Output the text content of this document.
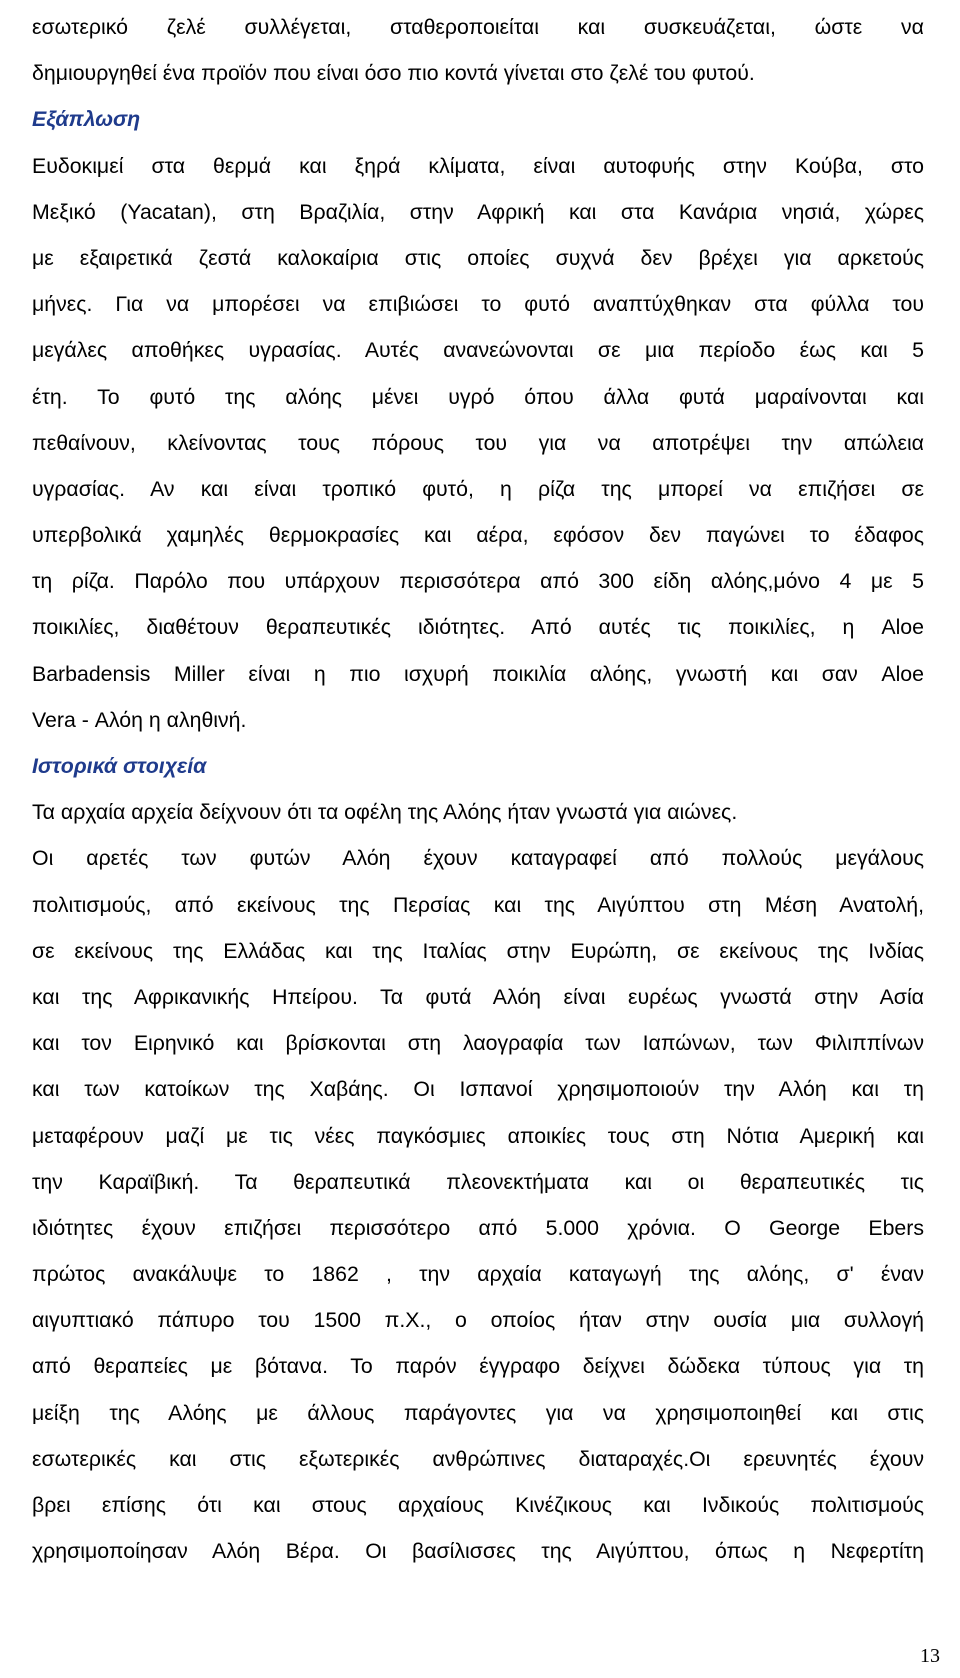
εσωτερικό ζελέ συλλέγεται, σταθεροποιείται και συσκευάζεται, ώστε να
δημιουργηθεί ένα προϊόν που είναι όσο πιο κοντά γίνεται στο ζελέ του φυτού.
Εξάπλωση
Ευδοκιμεί στα θερμά και ξηρά κλίματα, είναι αυτοφυής στην Κούβα, στο
Μεξικό (Yacatan), στη Βραζιλία, στην Αφρική και στα Κανάρια νησιά, χώρες
με εξαιρετικά ζεστά καλοκαίρια στις οποίες συχνά δεν βρέχει για αρκετούς
μήνες. Για να μπορέσει να επιβιώσει το φυτό αναπτύχθηκαν στα φύλλα του
μεγάλες αποθήκες υγρασίας. Αυτές ανανεώνονται σε μια περίοδο έως και 5
έτη. Το φυτό της αλόης μένει υγρό όπου άλλα φυτά μαραίνονται και
πεθαίνουν, κλείνοντας τους πόρους του για να αποτρέψει την απώλεια
υγρασίας. Αν και είναι τροπικό φυτό, η ρίζα της μπορεί να επιζήσει σε
υπερβολικά χαμηλές θερμοκρασίες και αέρα, εφόσον δεν παγώνει το έδαφος
τη ρίζα. Παρόλο που υπάρχουν περισσότερα από 300 είδη αλόης,μόνο 4 με 5
ποικιλίες, διαθέτουν θεραπευτικές ιδιότητες. Από αυτές τις ποικιλίες, η Aloe
Barbadensis Miller είναι η πιο ισχυρή ποικιλία αλόης, γνωστή και σαν Aloe
Vera - Αλόη η αληθινή.
Ιστορικά στοιχεία
Τα αρχαία αρχεία δείχνουν ότι τα οφέλη της Αλόης ήταν γνωστά για αιώνες.
Οι αρετές των φυτών Αλόη έχουν καταγραφεί από πολλούς μεγάλους
πολιτισμούς, από εκείνους της Περσίας και της Αιγύπτου στη Μέση Ανατολή,
σε εκείνους της Ελλάδας και της Ιταλίας στην Ευρώπη, σε εκείνους της Ινδίας
και της Αφρικανικής Ηπείρου. Τα φυτά Αλόη είναι ευρέως γνωστά στην Ασία
και τον Ειρηνικό και βρίσκονται στη λαογραφία των Ιαπώνων, των Φιλιππίνων
και των κατοίκων της Χαβάης. Οι Ισπανοί χρησιμοποιούν την Αλόη και τη
μεταφέρουν μαζί με τις νέες παγκόσμιες αποικίες τους στη Νότια Αμερική και
την Καραϊβική. Τα θεραπευτικά πλεονεκτήματα και οι θεραπευτικές τις
ιδιότητες έχουν επιζήσει περισσότερο από 5.000 χρόνια. Ο George Ebers
πρώτος ανακάλυψε το 1862 , την αρχαία καταγωγή της αλόης, σ' έναν
αιγυπτιακό πάπυρο του 1500 π.Χ., ο οποίος ήταν στην ουσία μια συλλογή
από θεραπείες με βότανα. Το παρόν έγγραφο δείχνει δώδεκα τύπους για τη
μείξη της Αλόης με άλλους παράγοντες για να χρησιμοποιηθεί και στις
εσωτερικές και στις εξωτερικές ανθρώπινες διαταραχές.Οι ερευνητές έχουν
βρει επίσης ότι και στους αρχαίους Κινέζικους και Ινδικούς πολιτισμούς
χρησιμοποίησαν Αλόη Βέρα. Οι βασίλισσες της Αιγύπτου, όπως η Νεφερτίτη
13
